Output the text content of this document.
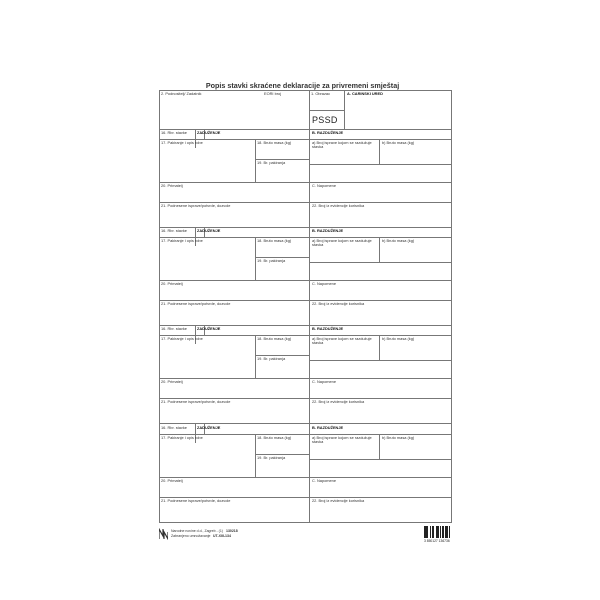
Popis stavki skraćene deklaracije za privremeni smještaj
2. Podnositelj/ Zadatnik	EORI broj	1. Obrazac	A. CARINSKI URED
PSSD
16. Rbr. stavke	ZADUŽENJE	B. RAZDUŽENJE
17. Pakiranje i opis robe	18. Bruto masa (kg)
19. Br. pakiranja
a) Broj isprave kojom se razdužuje stavka
b) Bruto masa (kg)
20. Primatelj	C. Napomene
21. Podnesene isprave/potvrde, dozvole	22. Broj iz evidencije korisnika
16. Rbr. stavke	ZADUŽENJE	B. RAZDUŽENJE
17. Pakiranje i opis robe	18. Bruto masa (kg)
19. Br. pakiranja
a) Broj isprave kojom se razdužuje stavka
b) Bruto masa (kg)
20. Primatelj	C. Napomene
21. Podnesene isprave/potvrde, dozvole	22. Broj iz evidencije korisnika
16. Rbr. stavke	ZADUŽENJE	B. RAZDUŽENJE
17. Pakiranje i opis robe	18. Bruto masa (kg)
19. Br. pakiranja
a) Broj isprave kojom se razdužuje stavka
b) Bruto masa (kg)
20. Primatelj	C. Napomene
21. Podnesene isprave/potvrde, dozvole	22. Broj iz evidencije korisnika
16. Rbr. stavke	ZADUŽENJE	B. RAZDUŽENJE
17. Pakiranje i opis robe	18. Bruto masa (kg)
19. Br. pakiranja
a) Broj isprave kojom se razdužuje stavka
b) Bruto masa (kg)
20. Primatelj	C. Napomene
21. Podnesene isprave/potvrde, dozvole	22. Broj iz evidencije korisnika
Narodne novine d.d., Zagreb - (1)
Zabranjeno umnožavanje UT-XIII-134
130218
3 850127 136736
